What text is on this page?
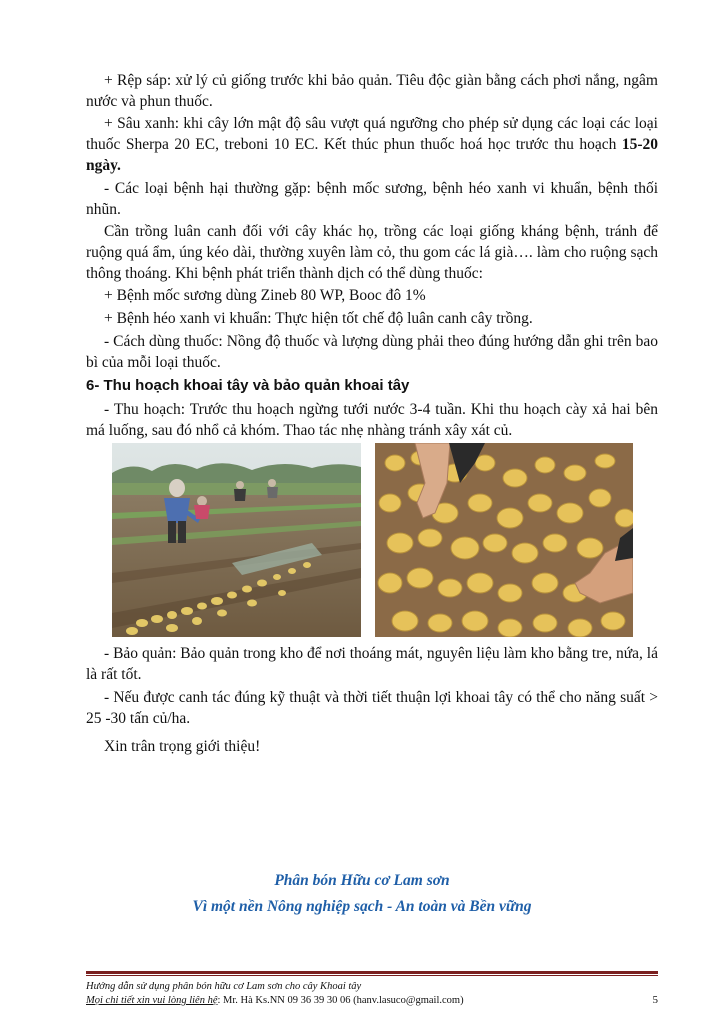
+ Rệp sáp: xử lý củ giống trước khi bảo quản. Tiêu độc giàn bằng cách phơi nắng, ngâm nước và phun thuốc.

+ Sâu xanh: khi cây lớn mật độ sâu vượt quá ngưỡng cho phép sử dụng các loại các loại thuốc Sherpa 20 EC, treboni 10 EC. Kết thúc phun thuốc hoá học trước thu hoạch 15-20 ngày.

- Các loại bệnh hại thường gặp: bệnh mốc sương, bệnh héo xanh vi khuẩn, bệnh thối nhũn.

Cần trồng luân canh đối với cây khác họ, trồng các loại giống kháng bệnh, tránh để ruộng quá ẩm, úng kéo dài, thường xuyên làm cỏ, thu gom các lá già…. làm cho ruộng sạch thông thoáng. Khi bệnh phát triển thành dịch có thể dùng thuốc:

+ Bệnh mốc sương dùng Zineb 80 WP, Booc đô 1%

+ Bệnh héo xanh vi khuẩn: Thực hiện tốt chế độ luân canh cây trồng.

- Cách dùng thuốc: Nồng độ thuốc và lượng dùng phải theo đúng hướng dẫn ghi trên bao bì của mỗi loại thuốc.

6- Thu hoạch khoai tây và bảo quản khoai tây

- Thu hoạch: Trước thu hoạch ngừng tưới nước 3-4 tuần. Khi thu hoạch cày xả hai bên má luống, sau đó nhổ cả khóm. Thao tác nhẹ nhàng tránh xây xát củ.

- Bảo quản: Bảo quản trong kho để nơi thoáng mát, nguyên liệu làm kho bằng tre, nứa, lá là rất tốt.

- Nếu được canh tác đúng kỹ thuật và thời tiết thuận lợi khoai tây có thể cho năng suất > 25 -30 tấn củ/ha.

Xin trân trọng giới thiệu!

Phân bón Hữu cơ Lam sơn
Vì một nền Nông nghiệp sạch - An toàn và Bền vững
Hướng dẫn sử dụng phân bón hữu cơ Lam sơn cho cây Khoai tây
Mọi chi tiết xin vui lòng liên hệ: Mr. Hà Ks.NN 09 36 39 30 06 (hanv.lasuco@gmail.com)	5
